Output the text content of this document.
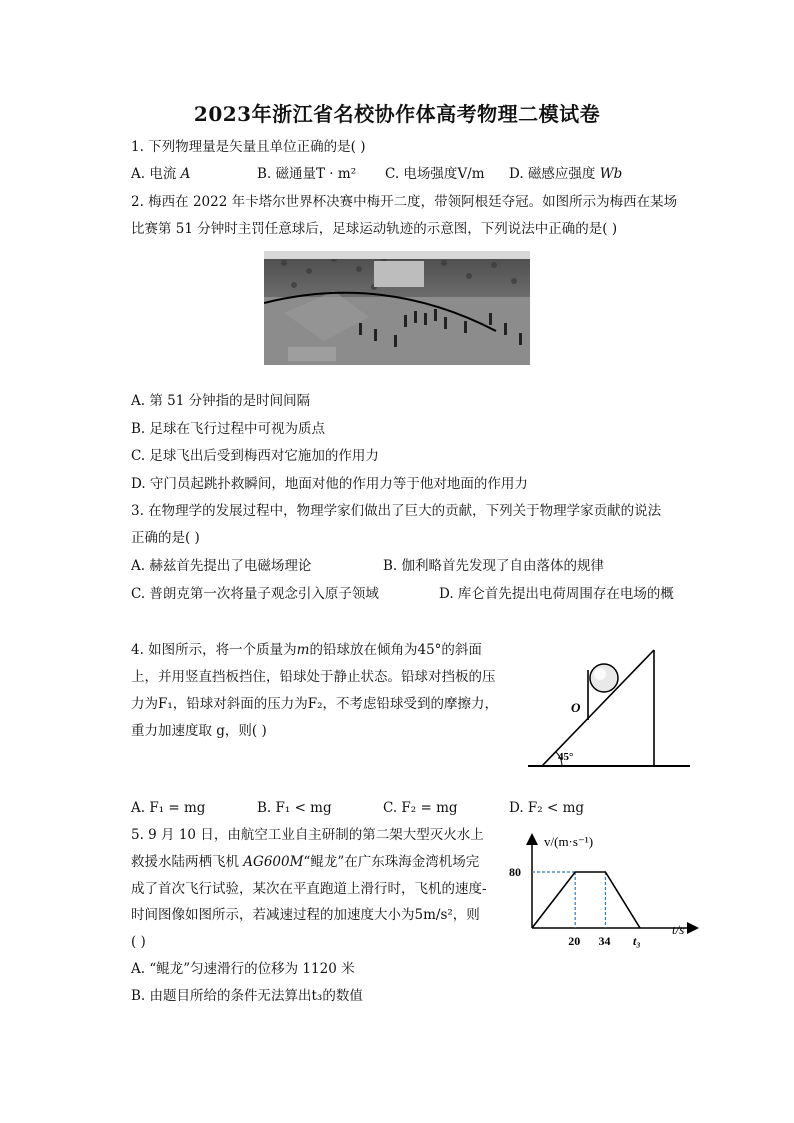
2023年浙江省名校协作体高考物理二模试卷
1. 下列物理量是矢量且单位正确的是( )
A. 电流 A	B. 磁通量T · m² C. 电场强度V/m D. 磁感应强度 Wb
2. 梅西在 2022 年卡塔尔世界杯决赛中梅开二度，带领阿根廷夺冠。如图所示为梅西在某场
比赛第 51 分钟时主罚任意球后，足球运动轨迹的示意图，下列说法中正确的是( )
A. 第 51 分钟指的是时间间隔
B. 足球在飞行过程中可视为质点
C. 足球飞出后受到梅西对它施加的作用力
D. 守门员起跳扑救瞬间，地面对他的作用力等于他对地面的作用力
3. 在物理学的发展过程中，物理学家们做出了巨大的贡献，下列关于物理学家贡献的说法
正确的是( )
A. 赫兹首先提出了电磁场理论	B. 伽利略首先发现了自由落体的规律
C. 普朗克第一次将量子观念引入原子领域	D. 库仑首先提出电荷周围存在电场的概
4. 如图所示，将一个质量为m的铅球放在倾角为45°的斜面
上，并用竖直挡板挡住，铅球处于静止状态。铅球对挡板的压
力为F₁，铅球对斜面的压力为F₂，不考虑铅球受到的摩擦力，
重力加速度取 g，则( )
O
45°
A. F₁ = mg	B. F₁ < mg	C. F₂ = mg	D. F₂ < mg
5. 9 月 10 日，由航空工业自主研制的第二架大型灭火水上
救援水陆两栖飞机 AG600M“鲲龙”在广东珠海金湾机场完
成了首次飞行试验，某次在平直跑道上滑行时，飞机的速度-
时间图像如图所示，若减速过程的加速度大小为5m/s²，则
( )
v/(m·s⁻¹)
t/s
80
20 34 t₃
A. “鲲龙”匀速滑行的位移为 1120 米
B. 由题目所给的条件无法算出t₃的数值
